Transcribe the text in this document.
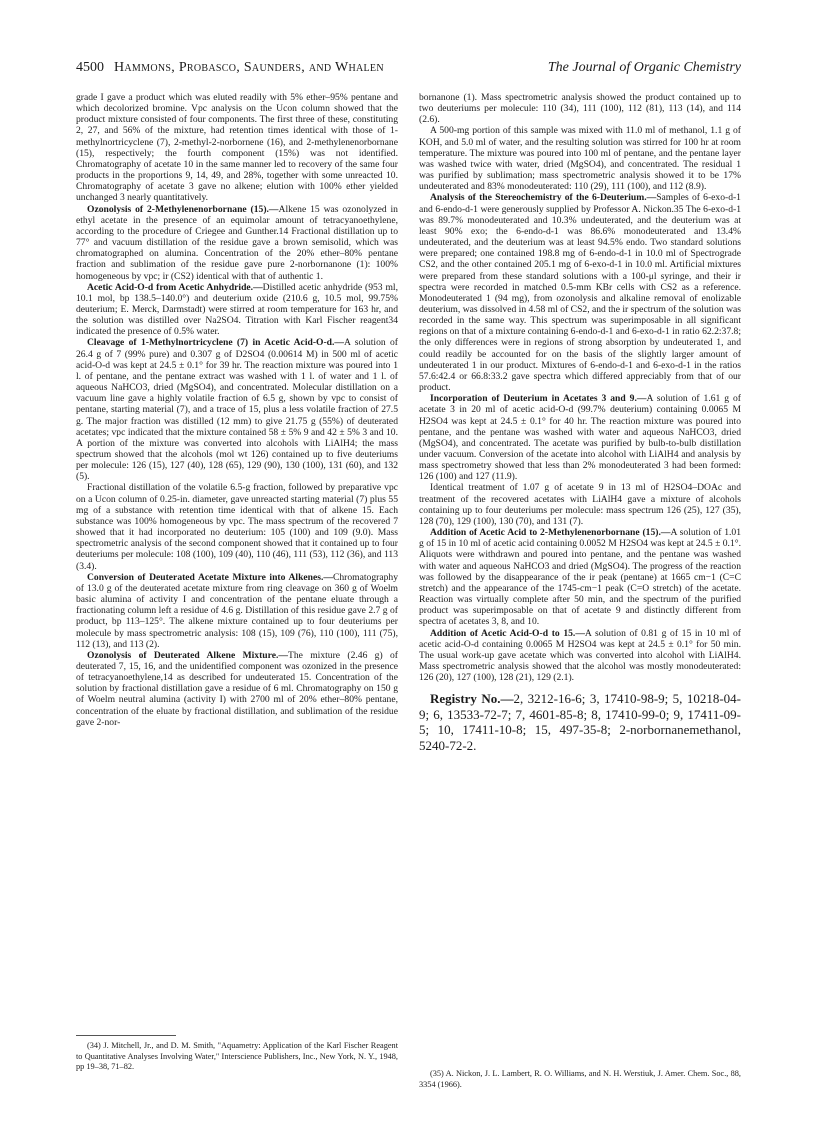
4500 Hammons, Probasco, Saunders, and Whalen	The Journal of Organic Chemistry

grade I gave a product which was eluted readily with 5% ether–95% pentane and which decolorized bromine. Vpc analysis on the Ucon column showed that the product mixture consisted of four components. The first three of these, constituting 2, 27, and 56% of the mixture, had retention times identical with those of 1-methylnortricyclene (7), 2-methyl-2-norbornene (16), and 2-methylenenorbornane (15), respectively; the fourth component (15%) was not identified. Chromatography of acetate 10 in the same manner led to recovery of the same four products in the proportions 9, 14, 49, and 28%, together with some unreacted 10. Chromatography of acetate 3 gave no alkene; elution with 100% ether yielded unchanged 3 nearly quantitatively.

Ozonolysis of 2-Methylenenorbornane (15).—Alkene 15 was ozonolyzed in ethyl acetate in the presence of an equimolar amount of tetracyanoethylene, according to the procedure of Criegee and Gunther.14 Fractional distillation up to 77° and vacuum distillation of the residue gave a brown semisolid, which was chromatographed on alumina. Concentration of the 20% ether–80% pentane fraction and sublimation of the residue gave pure 2-norbornanone (1): 100% homogeneous by vpc; ir (CS2) identical with that of authentic 1.

Acetic Acid-O-d from Acetic Anhydride.—Distilled acetic anhydride (953 ml, 10.1 mol, bp 138.5–140.0°) and deuterium oxide (210.6 g, 10.5 mol, 99.75% deuterium; E. Merck, Darmstadt) were stirred at room temperature for 163 hr, and the solution was distilled over Na2SO4. Titration with Karl Fischer reagent34 indicated the presence of 0.5% water.

Cleavage of 1-Methylnortricyclene (7) in Acetic Acid-O-d.—A solution of 26.4 g of 7 (99% pure) and 0.307 g of D2SO4 (0.00614 M) in 500 ml of acetic acid-O-d was kept at 24.5 ± 0.1° for 39 hr. The reaction mixture was poured into 1 l. of pentane, and the pentane extract was washed with 1 l. of water and 1 l. of aqueous NaHCO3, dried (MgSO4), and concentrated. Molecular distillation on a vacuum line gave a highly volatile fraction of 6.5 g, shown by vpc to consist of pentane, starting material (7), and a trace of 15, plus a less volatile fraction of 27.5 g. The major fraction was distilled (12 mm) to give 21.75 g (55%) of deuterated acetates; vpc indicated that the mixture contained 58 ± 5% 9 and 42 ± 5% 3 and 10. A portion of the mixture was converted into alcohols with LiAlH4; the mass spectrum showed that the alcohols (mol wt 126) contained up to five deuteriums per molecule: 126 (15), 127 (40), 128 (65), 129 (90), 130 (100), 131 (60), and 132 (5).

Fractional distillation of the volatile 6.5-g fraction, followed by preparative vpc on a Ucon column of 0.25-in. diameter, gave unreacted starting material (7) plus 55 mg of a substance with retention time identical with that of alkene 15. Each substance was 100% homogeneous by vpc. The mass spectrum of the recovered 7 showed that it had incorporated no deuterium: 105 (100) and 109 (9.0). Mass spectrometric analysis of the second component showed that it contained up to four deuteriums per molecule: 108 (100), 109 (40), 110 (46), 111 (53), 112 (36), and 113 (3.4).

Conversion of Deuterated Acetate Mixture into Alkenes.—Chromatography of 13.0 g of the deuterated acetate mixture from ring cleavage on 360 g of Woelm basic alumina of activity I and concentration of the pentane eluate through a fractionating column left a residue of 4.6 g. Distillation of this residue gave 2.7 g of product, bp 113–125°. The alkene mixture contained up to four deuteriums per molecule by mass spectrometric analysis: 108 (15), 109 (76), 110 (100), 111 (75), 112 (13), and 113 (2).

Ozonolysis of Deuterated Alkene Mixture.—The mixture (2.46 g) of deuterated 7, 15, 16, and the unidentified component was ozonized in the presence of tetracyanoethylene,14 as described for undeuterated 15. Concentration of the solution by fractional distillation gave a residue of 6 ml. Chromatography on 150 g of Woelm neutral alumina (activity I) with 2700 ml of 20% ether–80% pentane, concentration of the eluate by fractional distillation, and sublimation of the residue gave 2-nor-

bornanone (1). Mass spectrometric analysis showed the product contained up to two deuteriums per molecule: 110 (34), 111 (100), 112 (81), 113 (14), and 114 (2.6).

A 500-mg portion of this sample was mixed with 11.0 ml of methanol, 1.1 g of KOH, and 5.0 ml of water, and the resulting solution was stirred for 100 hr at room temperature. The mixture was poured into 100 ml of pentane, and the pentane layer was washed twice with water, dried (MgSO4), and concentrated. The residual 1 was purified by sublimation; mass spectrometric analysis showed it to be 17% undeuterated and 83% monodeuterated: 110 (29), 111 (100), and 112 (8.9).

Analysis of the Stereochemistry of the 6-Deuterium.—Samples of 6-exo-d-1 and 6-endo-d-1 were generously supplied by Professor A. Nickon.35 The 6-exo-d-1 was 89.7% monodeuterated and 10.3% undeuterated, and the deuterium was at least 90% exo; the 6-endo-d-1 was 86.6% monodeuterated and 13.4% undeuterated, and the deuterium was at least 94.5% endo. Two standard solutions were prepared; one contained 198.8 mg of 6-endo-d-1 in 10.0 ml of Spectrograde CS2, and the other contained 205.1 mg of 6-exo-d-1 in 10.0 ml. Artificial mixtures were prepared from these standard solutions with a 100-μl syringe, and their ir spectra were recorded in matched 0.5-mm KBr cells with CS2 as a reference. Monodeuterated 1 (94 mg), from ozonolysis and alkaline removal of enolizable deuterium, was dissolved in 4.58 ml of CS2, and the ir spectrum of the solution was recorded in the same way. This spectrum was superimposable in all significant regions on that of a mixture containing 6-endo-d-1 and 6-exo-d-1 in ratio 62.2:37.8; the only differences were in regions of strong absorption by undeuterated 1, and could readily be accounted for on the basis of the slightly larger amount of undeuterated 1 in our product. Mixtures of 6-endo-d-1 and 6-exo-d-1 in the ratios 57.6:42.4 or 66.8:33.2 gave spectra which differed appreciably from that of our product.

Incorporation of Deuterium in Acetates 3 and 9.—A solution of 1.61 g of acetate 3 in 20 ml of acetic acid-O-d (99.7% deuterium) containing 0.0065 M H2SO4 was kept at 24.5 ± 0.1° for 40 hr. The reaction mixture was poured into pentane, and the pentane was washed with water and aqueous NaHCO3, dried (MgSO4), and concentrated. The acetate was purified by bulb-to-bulb distillation under vacuum. Conversion of the acetate into alcohol with LiAlH4 and analysis by mass spectrometry showed that less than 2% monodeuterated 3 had been formed: 126 (100) and 127 (11.9).

Identical treatment of 1.07 g of acetate 9 in 13 ml of H2SO4–DOAc and treatment of the recovered acetates with LiAlH4 gave a mixture of alcohols containing up to four deuteriums per molecule: mass spectrum 126 (25), 127 (35), 128 (70), 129 (100), 130 (70), and 131 (7).

Addition of Acetic Acid to 2-Methylenenorbornane (15).—A solution of 1.01 g of 15 in 10 ml of acetic acid containing 0.0052 M H2SO4 was kept at 24.5 ± 0.1°. Aliquots were withdrawn and poured into pentane, and the pentane was washed with water and aqueous NaHCO3 and dried (MgSO4). The progress of the reaction was followed by the disappearance of the ir peak (pentane) at 1665 cm−1 (C=C stretch) and the appearance of the 1745-cm−1 peak (C=O stretch) of the acetate. Reaction was virtually complete after 50 min, and the spectrum of the purified product was superimposable on that of acetate 9 and distinctly different from spectra of acetates 3, 8, and 10.

Addition of Acetic Acid-O-d to 15.—A solution of 0.81 g of 15 in 10 ml of acetic acid-O-d containing 0.0065 M H2SO4 was kept at 24.5 ± 0.1° for 50 min. The usual work-up gave acetate which was converted into alcohol with LiAlH4. Mass spectrometric analysis showed that the alcohol was mostly monodeuterated: 126 (20), 127 (100), 128 (21), 129 (2.1).

Registry No.—2, 3212-16-6; 3, 17410-98-9; 5, 10218-04-9; 6, 13533-72-7; 7, 4601-85-8; 8, 17410-99-0; 9, 17411-09-5; 10, 17411-10-8; 15, 497-35-8; 2-norbornanemethanol, 5240-72-2.
(34) J. Mitchell, Jr., and D. M. Smith, "Aquametry: Application of the Karl Fischer Reagent to Quantitative Analyses Involving Water," Interscience Publishers, Inc., New York, N. Y., 1948, pp 19–38, 71–82.
(35) A. Nickon, J. L. Lambert, R. O. Williams, and N. H. Werstiuk, J. Amer. Chem. Soc., 88, 3354 (1966).
